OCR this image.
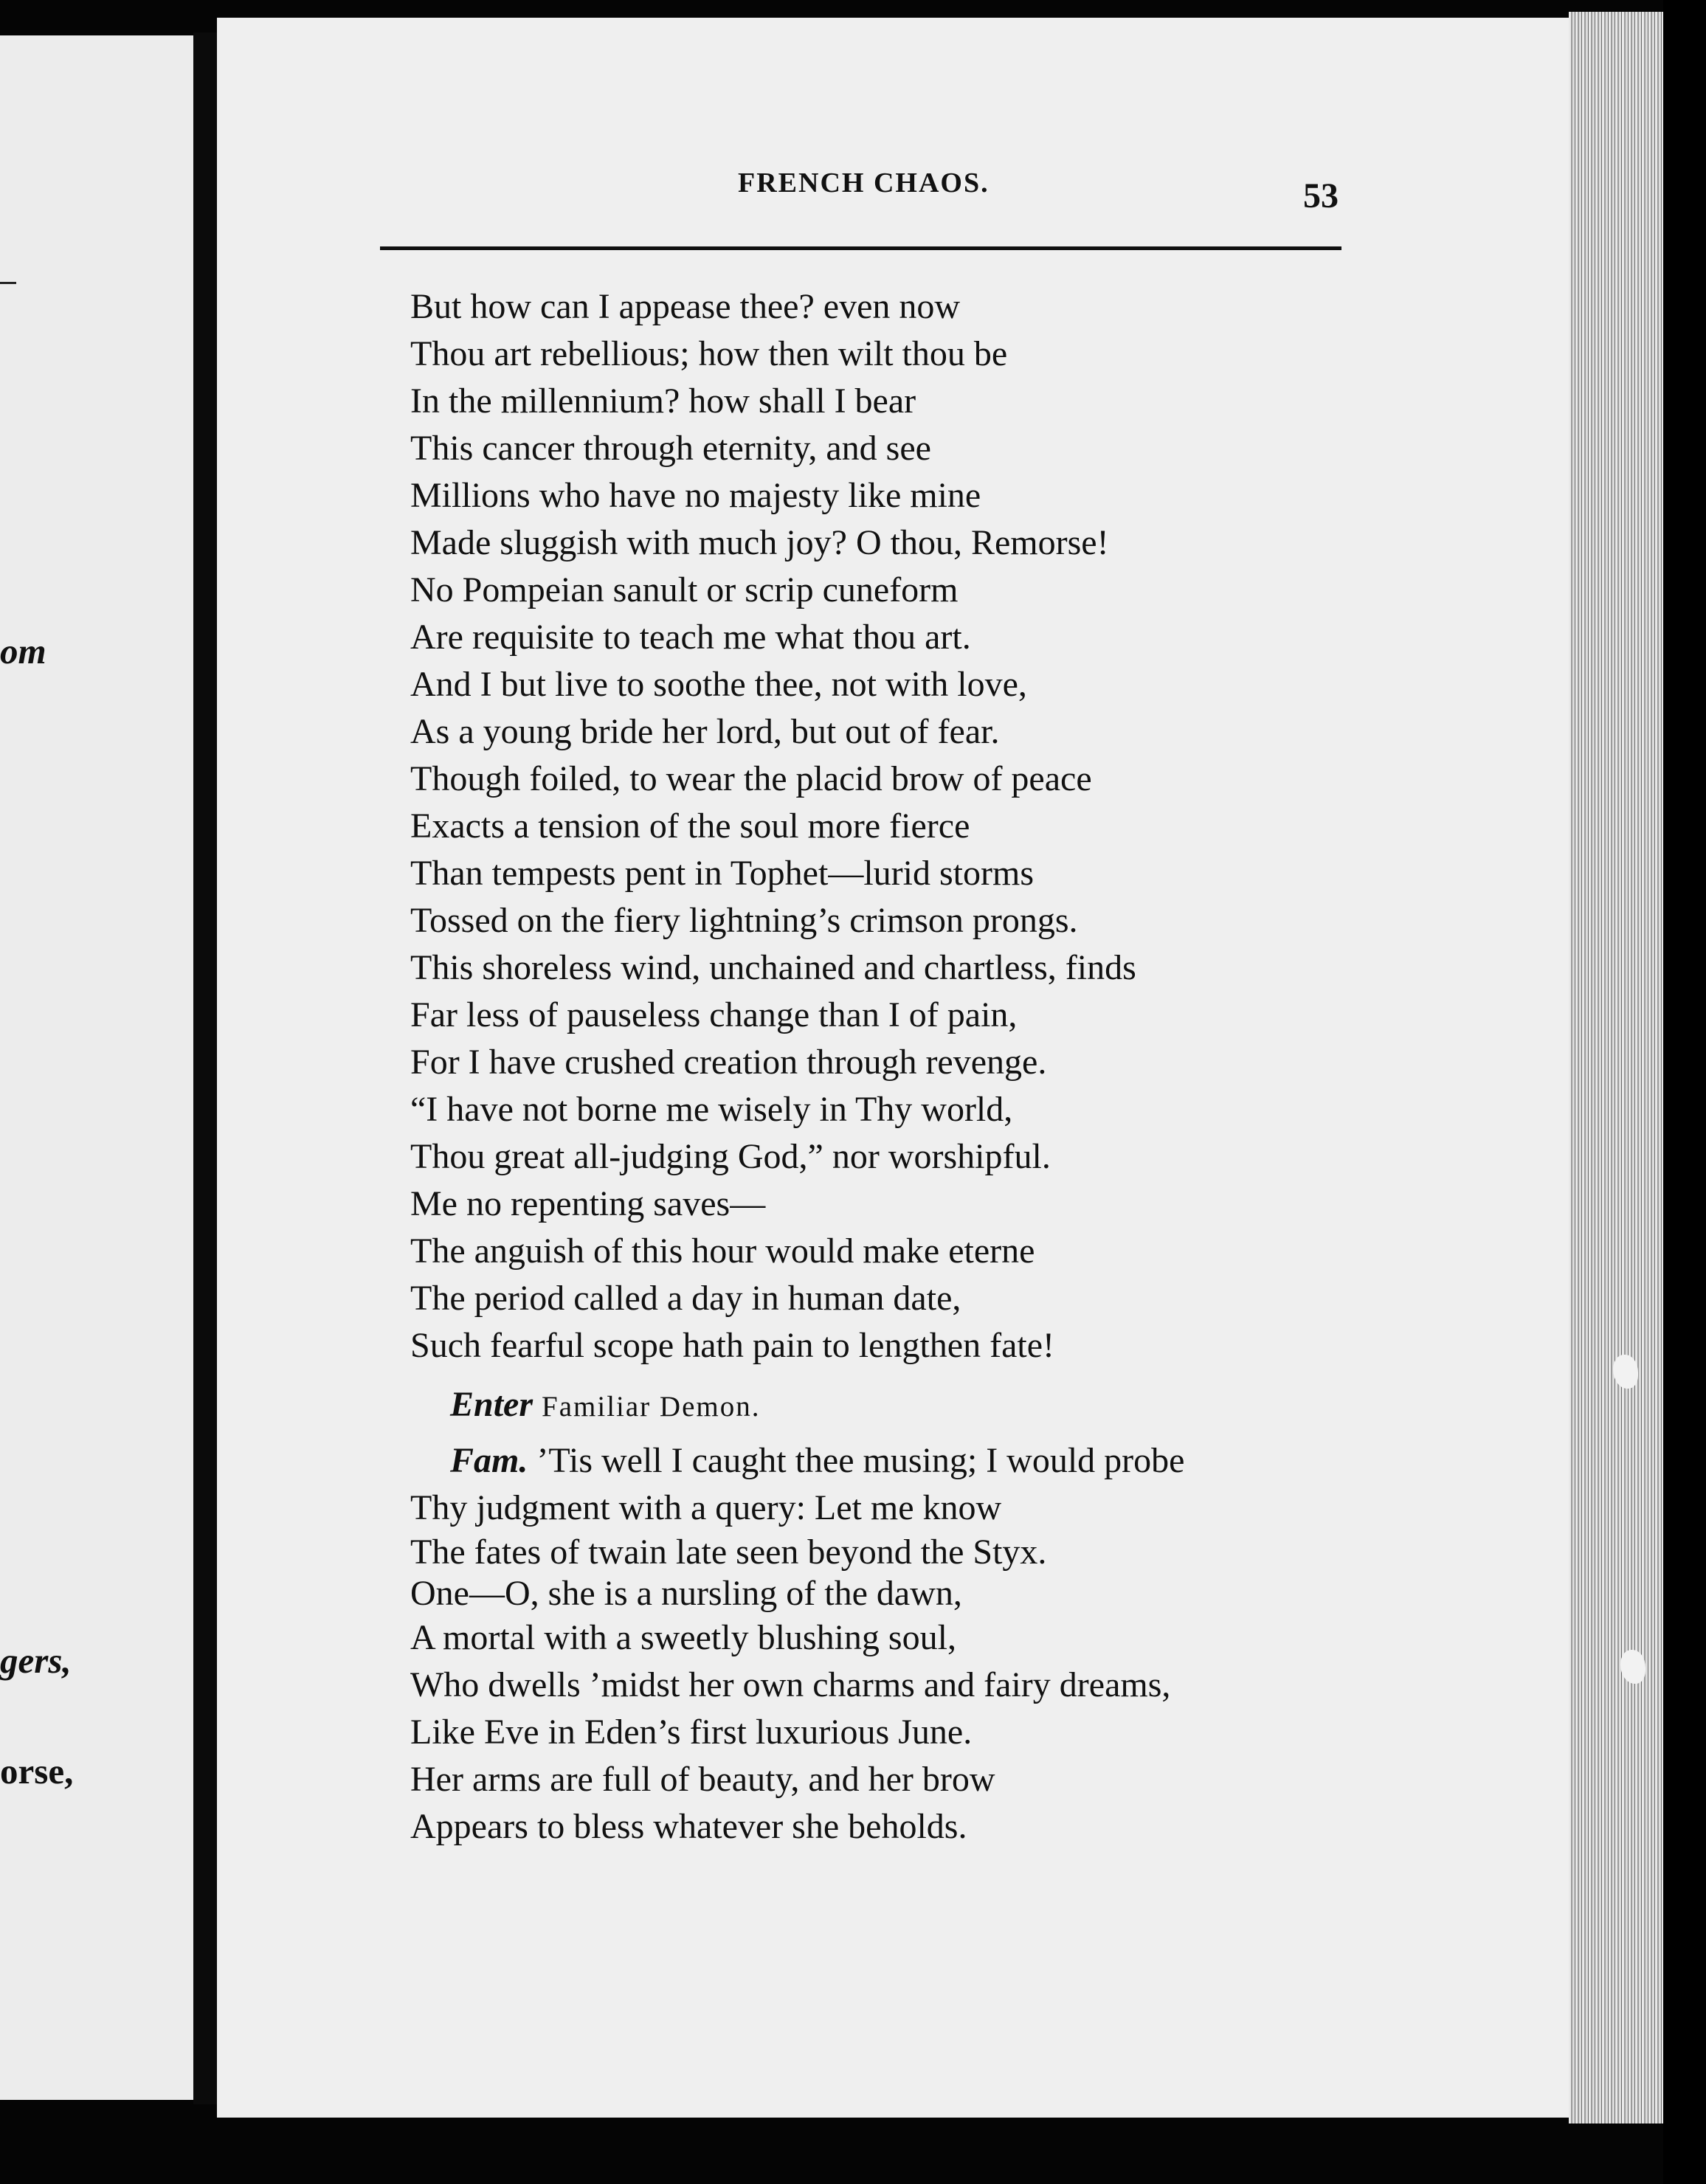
om
gers,
orse,
FRENCH CHAOS.	53
But how can I appease thee? even now
Thou art rebellious; how then wilt thou be
In the millennium? how shall I bear
This cancer through eternity, and see
Millions who have no majesty like mine
Made sluggish with much joy? O thou, Remorse!
No Pompeian sanult or scrip cuneform
Are requisite to teach me what thou art.
And I but live to soothe thee, not with love,
As a young bride her lord, but out of fear.
Though foiled, to wear the placid brow of peace
Exacts a tension of the soul more fierce
Than tempests pent in Tophet—lurid storms
Tossed on the fiery lightning’s crimson prongs.
This shoreless wind, unchained and chartless, finds
Far less of pauseless change than I of pain,
For I have crushed creation through revenge.
“I have not borne me wisely in Thy world,
Thou great all-judging God,” nor worshipful.
Me no repenting saves—
The anguish of this hour would make eterne
The period called a day in human date,
Such fearful scope hath pain to lengthen fate!
Enter Familiar Demon.
Fam. ’Tis well I caught thee musing; I would probe
Thy judgment with a query: Let me know
The fates of twain late seen beyond the Styx.
One—O, she is a nursling of the dawn,
A mortal with a sweetly blushing soul,
Who dwells ’midst her own charms and fairy dreams,
Like Eve in Eden’s first luxurious June.
Her arms are full of beauty, and her brow
Appears to bless whatever she beholds.
